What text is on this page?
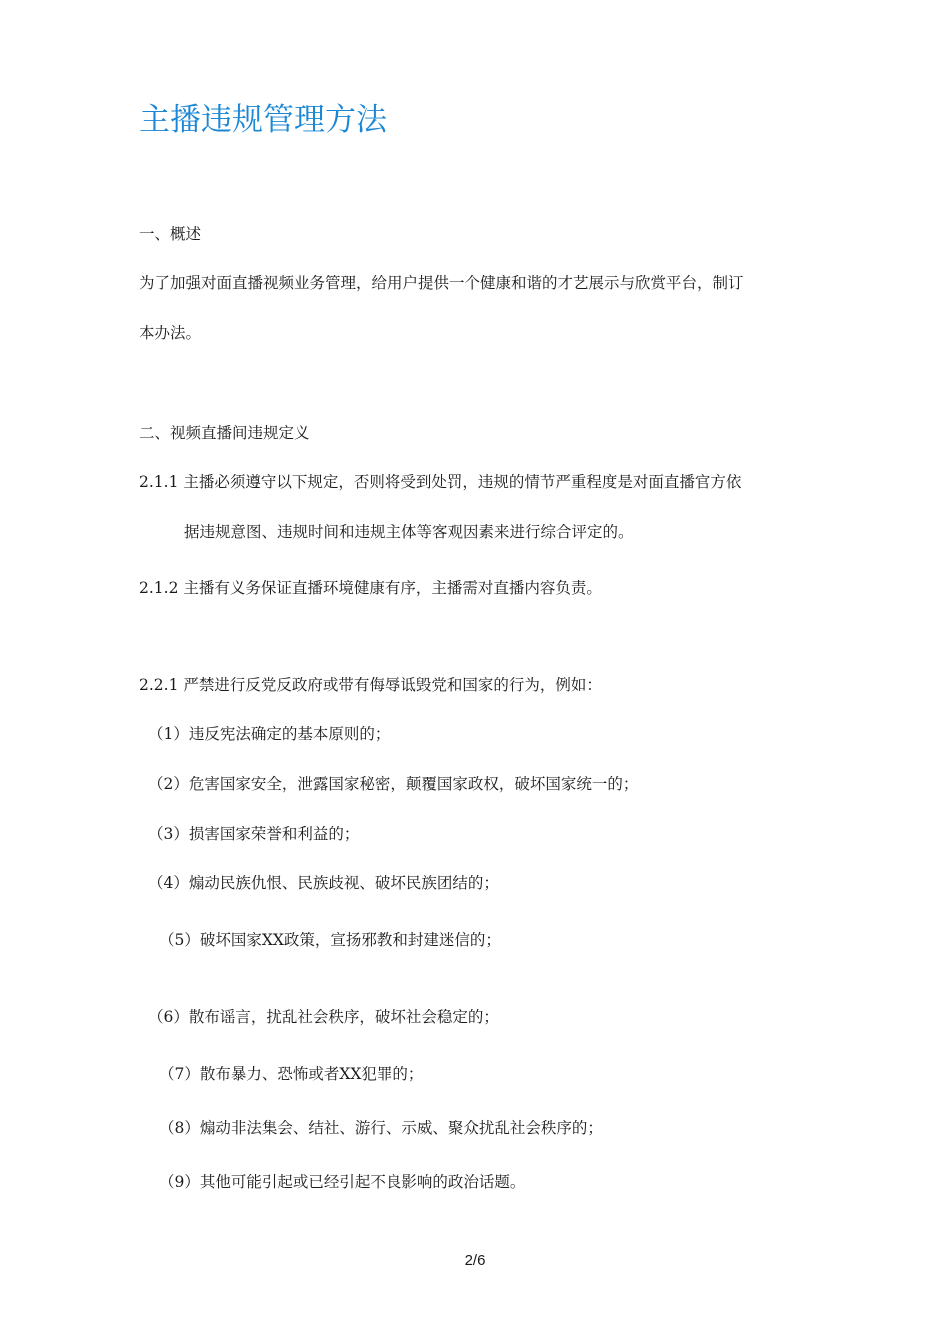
主播违规管理方法
一、概述
为了加强对面直播视频业务管理，给用户提供一个健康和谐的才艺展示与欣赏平台，制订
本办法。
二、视频直播间违规定义
2.1.1 主播必须遵守以下规定，否则将受到处罚，违规的情节严重程度是对面直播官方依
据违规意图、违规时间和违规主体等客观因素来进行综合评定的。
2.1.2 主播有义务保证直播环境健康有序，主播需对直播内容负责。
2.2.1 严禁进行反党反政府或带有侮辱诋毁党和国家的行为，例如：
（1）违反宪法确定的基本原则的；
（2）危害国家安全，泄露国家秘密，颠覆国家政权，破坏国家统一的；
（3）损害国家荣誉和利益的；
（4）煽动民族仇恨、民族歧视、破坏民族团结的；
（5）破坏国家XX政策，宣扬邪教和封建迷信的；
（6）散布谣言，扰乱社会秩序，破坏社会稳定的；
（7）散布暴力、恐怖或者XX犯罪的；
（8）煽动非法集会、结社、游行、示威、聚众扰乱社会秩序的；
（9）其他可能引起或已经引起不良影响的政治话题。
2/6
